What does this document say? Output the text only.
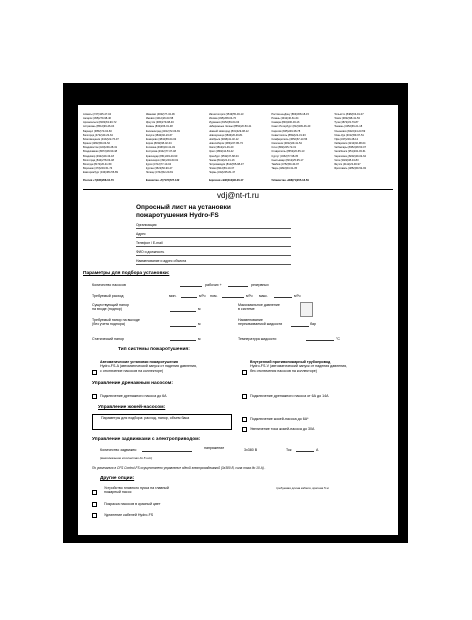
Алматы (727)345-47-04
Ангарск (395)279-98-46
Архангельск (8182)63-90-72
Астрахань (8512)99-46-04
Барнаул (3852)73-04-60
Белгород (4722)40-23-64
Благовещенск (4162)22-76-07
Брянск (4832)59-03-52
Владивосток (423)249-28-31
Владикавказ (8672)28-90-48
Владимир (4922)49-43-18
Волгоград (844)278-03-48
Вологда (8172)26-41-59
Воронеж (473)204-51-73
Екатеринбург (343)384-55-89
Россия +7(495)268-04-70
Иваново (4932)77-34-06
Ижевск (3412)26-03-58
Иркутск (395)279-98-46
Казань (843)206-01-48
Калининград (4012)72-03-81
Калуга (4842)92-23-67
Кемерово (3842)65-04-62
Киров (8332)68-02-04
Коломна (4966)23-41-49
Кострома (4942)77-07-48
Краснодар (861)203-40-90
Красноярск (391)204-63-61
Курск (4712)77-13-04
Курган (3522)50-90-47
Липецк (4742)52-20-81
Казахстан +7(7172)727-132
Магнитогорск (3519)55-03-13
Москва (495)268-04-70
Мурманск (8152)59-64-93
Набережные Челны (8552)20-53-41
Нижний Новгород (831)429-08-12
Новокузнецк (3843)20-46-81
Ноябрьск (3496)41-32-12
Новосибирск (383)227-86-73
Омск (3812)21-46-40
Орел (4862)44-53-42
Оренбург (3532)37-68-04
Пенза (8412)22-31-16
Петрозаводск (8142)55-98-37
Псков (8112)59-10-37
Пермь (342)205-81-47
Киргизия +996(312)96-26-47
Ростов-на-Дону (863)308-18-15
Рязань (4912)46-61-64
Самара (846)206-03-16
Санкт-Петербург (812)309-46-40
Саратов (845)249-38-78
Севастополь (8692)22-31-93
Симферополь (3652)67-13-56
Смоленск (4812)29-41-54
Сочи (862)225-72-31
Ставрополь (8652)20-65-13
Сургут (3462)77-98-35
Сыктывкар (8212)25-95-17
Тамбов (4752)50-40-97
Тверь (4822)63-31-35
Узбекистан +998(71)205-18-59
Тольятти (8482)63-91-07
Томск (3822)98-41-53
Тула (4872)33-79-87
Тюмень (3452)66-21-18
Ульяновск (8422)24-23-59
Улан-Удэ (3012)59-97-51
Уфа (347)229-48-12
Хабаровск (4212)92-98-04
Чебоксары (8352)28-53-07
Челябинск (351)202-03-61
Череповец (8202)49-02-64
Чита (3022)38-34-83
Якутск (4112)23-90-97
Ярославль (4852)69-52-93
vdj@nt-rt.ru
Опросный лист на установки
пожаротушения Hydro-FS
Организация
Адрес
Телефон / E-mail
ФИО и должность
Наименование и адрес объекта
Параметры для подбора установки:
Количество насосов	рабочих +	резервных
Требуемый расход:	мин.	м³/ч ном.	м³/ч макс.	м³/ч
Существующий напор
на входе (подпор)	м
Максимальное давление
в системе
Требуемый напор на выходе
(без учета подпора)	м
Наименование
перекачиваемой жидкости	бар
Статический напор	м	Температура жидкости	°С
Тип системы пожаротушения:
Автоматические установки пожаротушения
Hydro-FS-A (автоматический запуск от падения давления,
с отключение насосов на коллекторе)
Внутренний противопожарный трубопровод
Hydro-FS-V (автоматический запуск от падения давления,
без отключения насосов на коллекторе)
Управление дренажным насосом:
Подключение дренажного насоса до 6А	Подключение дренажного насоса от 6А до 14А
Управление жокей-насосом:
Параметры для подбора: расход, напор, объем бака	Подключение жокей-насоса до 6А*
Увеличение тока жокей-насоса до 30А
Управление задвижками с электроприводом:
Количество задвижек:	напряжение	3x380 В	Ток	А
(максимальное количество до 8 шт)
По умолчанию в CFS Control-FS осуществлено управление одной электрозадвижкой (3x380 В, сила тока до 10 А) .
Другие опции:
Устройство плавного пуска на главный
пожарный насос
требуемая длина кабеля, кратная 5 м
Покраска насосов в красный цвет
Удлинение кабелей Hydro-FS
